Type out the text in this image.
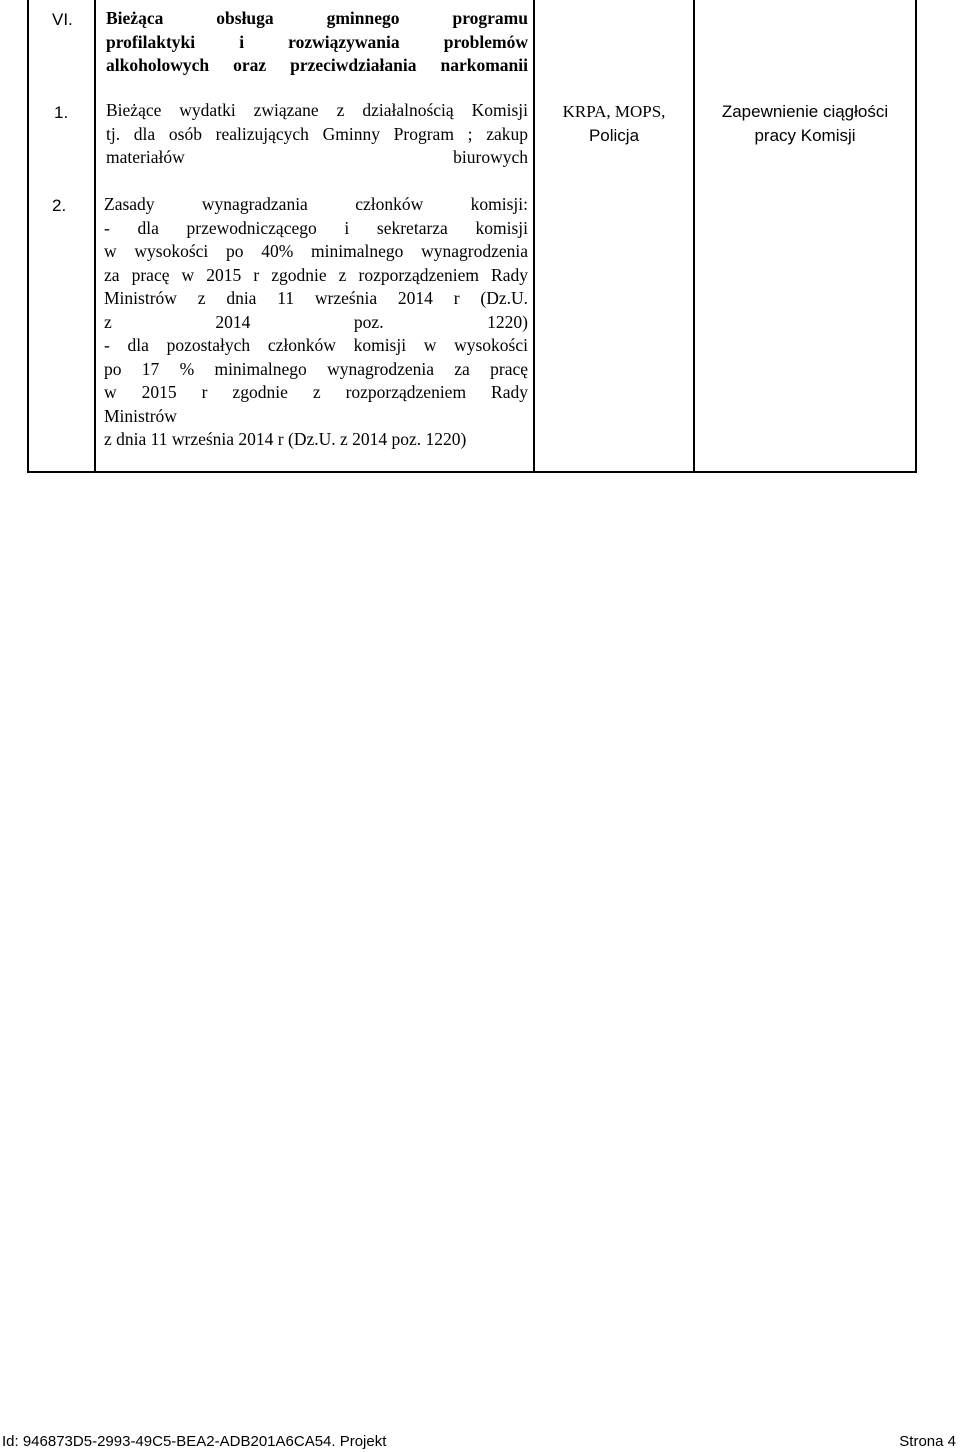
VI. Bieżąca obsługa gminnego programu
profilaktyki i rozwiązywania problemów
alkoholowych oraz przeciwdziałania narkomanii
1. Bieżące wydatki związane z działalnością Komisji
tj. dla osób realizujących Gminny Program ; zakup
materiałów biurowych
KRPA, MOPS,
Policja
Zapewnienie ciągłości
pracy Komisji
2. Zasady wynagradzania członków komisji:
- dla przewodniczącego i sekretarza komisji
w wysokości po 40% minimalnego wynagrodzenia
za pracę w 2015 r zgodnie z rozporządzeniem Rady
Ministrów z dnia 11 września 2014 r (Dz.U.
z 2014 poz. 1220)
- dla pozostałych członków komisji w wysokości
po 17 % minimalnego wynagrodzenia za pracę
w 2015 r zgodnie z rozporządzeniem Rady
Ministrów
z dnia 11 września 2014 r (Dz.U. z 2014 poz. 1220)
Id: 946873D5-2993-49C5-BEA2-ADB201A6CA54. Projekt	Strona 4
